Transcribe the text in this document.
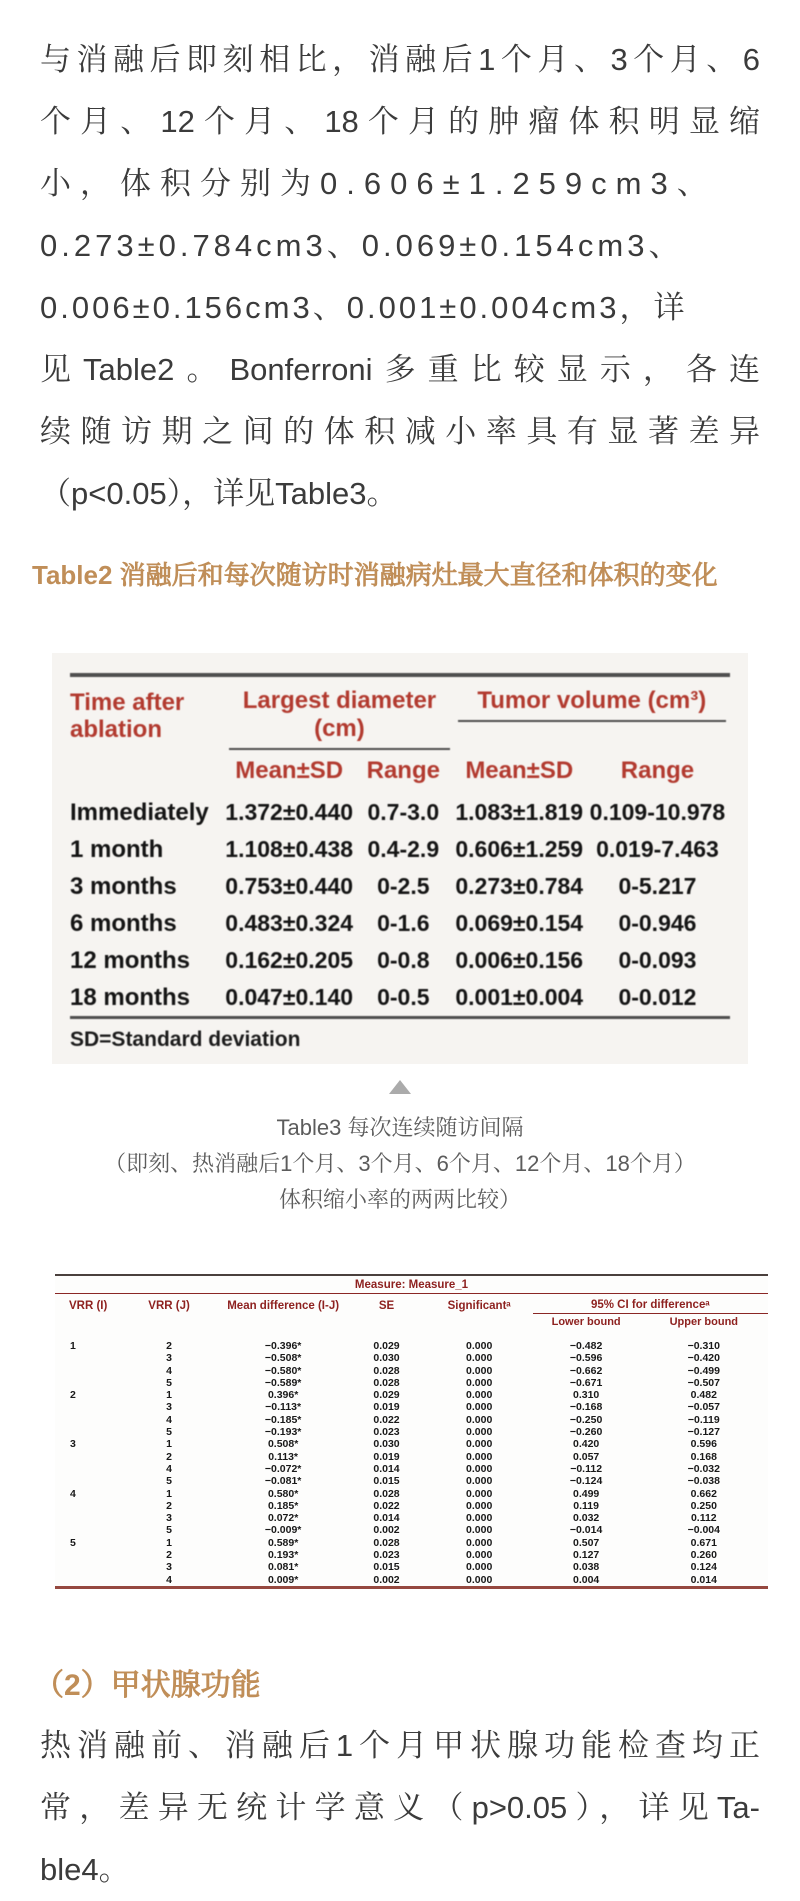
与消融后即刻相比，消融后1个月、3个月、6
个月、12个月、18个月的肿瘤体积明显缩
小，体积分别为0.606±1.259cm3、
0.273±0.784cm3、0.069±0.154cm3、
0.006±0.156cm3、0.001±0.004cm3，详
见Table2。Bonferroni多重比较显示，各连
续随访期之间的体积减小率具有显著差异
（p<0.05），详见Table3。
Table2 消融后和每次随访时消融病灶最大直径和体积的变化
Time after ablation	Largest diameter (cm)		Tumor volume (cm³)	

	Mean±SD	Range	Mean±SD	Range
Immediately	1.372±0.440	0.7-3.0	1.083±1.819	0.109-10.978
1 month	1.108±0.438	0.4-2.9	0.606±1.259	0.019-7.463
3 months	0.753±0.440	0-2.5	0.273±0.784	0-5.217
6 months	0.483±0.324	0-1.6	0.069±0.154	0-0.946
12 months	0.162±0.205	0-0.8	0.006±0.156	0-0.093
18 months	0.047±0.140	0-0.5	0.001±0.004	0-0.012
SD=Standard deviation
Table3 每次连续随访间隔
（即刻、热消融后1个月、3个月、6个月、12个月、18个月）
体积缩小率的两两比较）
Measure: Measure_1						
VRR (I)	VRR (J)	Mean difference (I-J)	SE	Significantᵃ	95% CI for differenceᵃ	
					Lower bound	Upper bound
1	2	−0.396*	0.029	0.000	−0.482	−0.310
	3	−0.508*	0.030	0.000	−0.596	−0.420
	4	−0.580*	0.028	0.000	−0.662	−0.499
	5	−0.589*	0.028	0.000	−0.671	−0.507
2	1	0.396*	0.029	0.000	0.310	0.482
	3	−0.113*	0.019	0.000	−0.168	−0.057
	4	−0.185*	0.022	0.000	−0.250	−0.119
	5	−0.193*	0.023	0.000	−0.260	−0.127
3	1	0.508*	0.030	0.000	0.420	0.596
	2	0.113*	0.019	0.000	0.057	0.168
	4	−0.072*	0.014	0.000	−0.112	−0.032
	5	−0.081*	0.015	0.000	−0.124	−0.038
4	1	0.580*	0.028	0.000	0.499	0.662
	2	0.185*	0.022	0.000	0.119	0.250
	3	0.072*	0.014	0.000	0.032	0.112
	5	−0.009*	0.002	0.000	−0.014	−0.004
5	1	0.589*	0.028	0.000	0.507	0.671
	2	0.193*	0.023	0.000	0.127	0.260
	3	0.081*	0.015	0.000	0.038	0.124
	4	0.009*	0.002	0.000	0.004	0.014
（2）甲状腺功能
热消融前、消融后1个月甲状腺功能检查均正
常，差异无统计学意义（p>0.05），详见Ta-
ble4。
